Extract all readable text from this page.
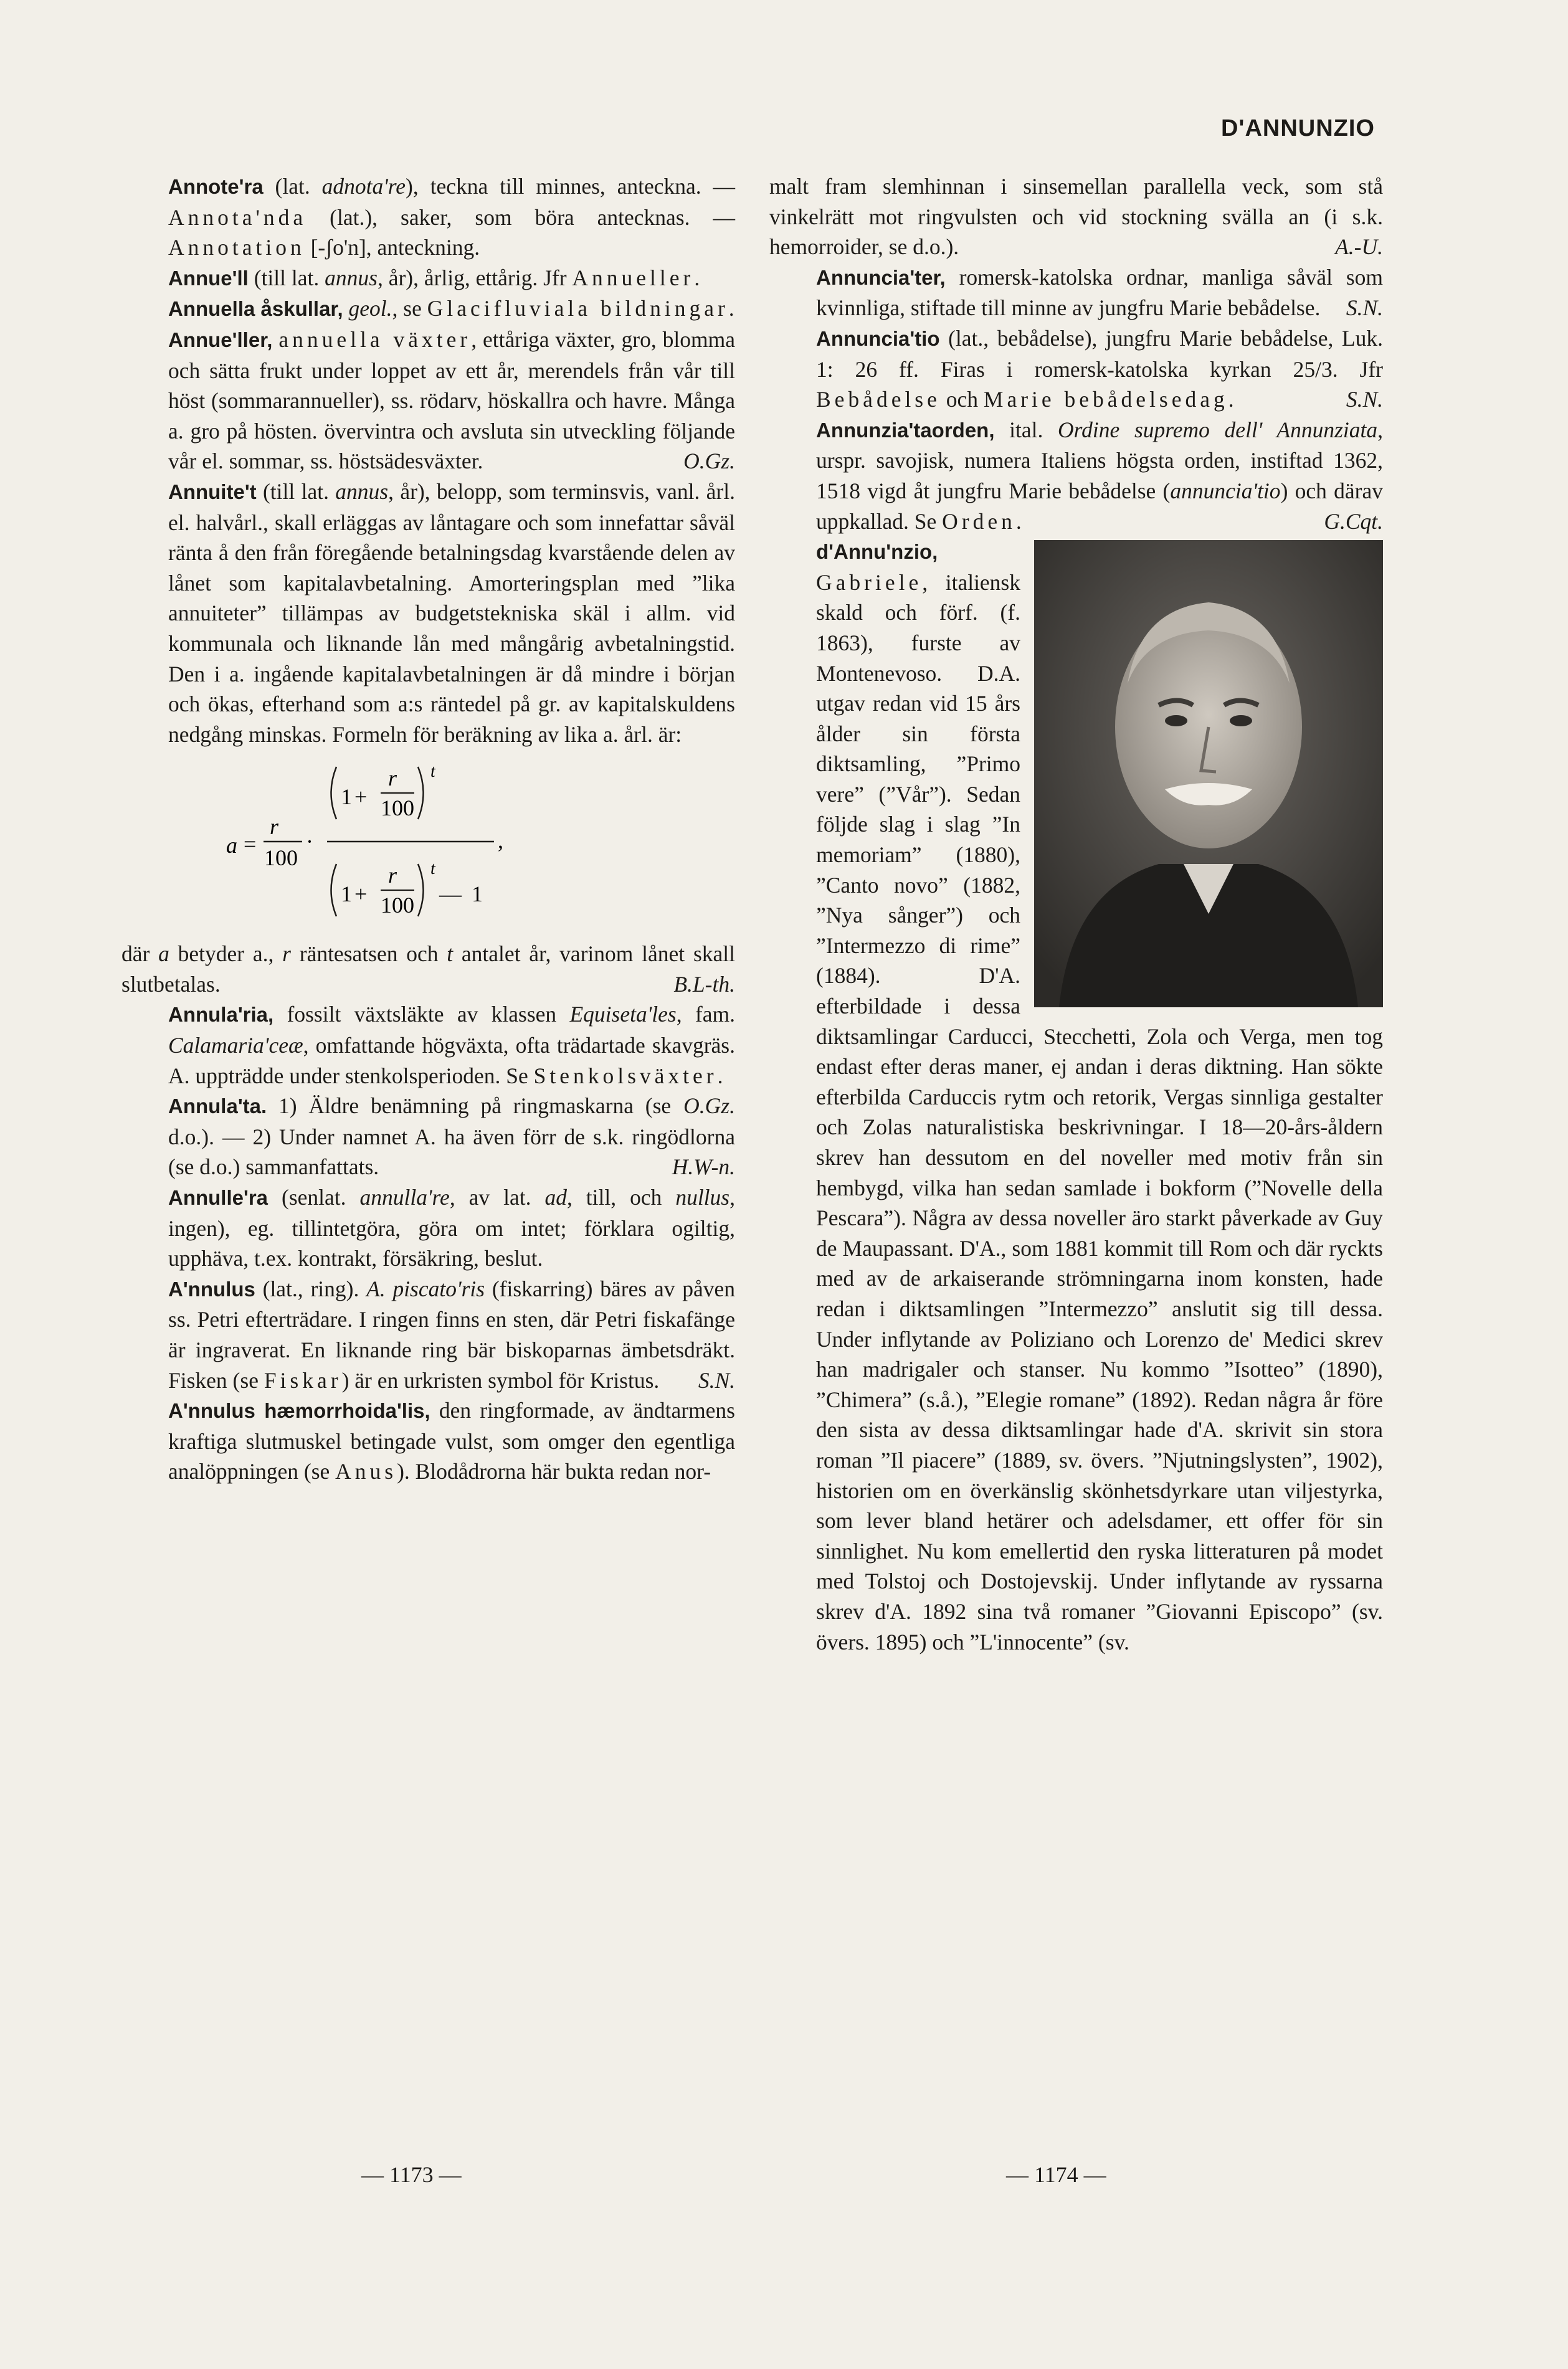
D'ANNUNZIO

Annote'ra (lat. adnota're), teckna till minnes, anteckna. — Annota'nda (lat.), saker, som böra antecknas. — Annotation [-ʃo'n], anteckning.

Annue'll (till lat. annus, år), årlig, ettårig. Jfr Annueller.

Annuella åskullar, geol., se Glacifluviala bildningar.

Annue'ller, annuella växter, ettåriga växter, gro, blomma och sätta frukt under loppet av ett år, merendels från vår till höst (sommarannueller), ss. rödarv, höskallra och havre. Många a. gro på hösten. övervintra och avsluta sin utveckling följande vår el. sommar, ss. höstsädesväxter.	O.Gz.

Annuite't (till lat. annus, år), belopp, som terminsvis, vanl. årl. el. halvårl., skall erläggas av låntagare och som innefattar såväl ränta å den från föregående betalningsdag kvarstående delen av lånet som kapitalavbetalning. Amorteringsplan med ”lika annuiteter” tillämpas av budgetstekniska skäl i allm. vid kommunala och liknande lån med mångårig avbetalningstid. Den i a. ingående kapitalavbetalningen är då mindre i början och ökas, efterhand som a:s räntedel på gr. av kapitalskuldens nedgång minskas. Formeln för beräkning av lika a. årl. är:

a =
r
100
·
1 +
r
100
t
,
1 +
r
100
t
— 1

där a betyder a., r räntesatsen och t antalet år, varinom lånet skall slutbetalas.	B.L-th.

Annula'ria, fossilt växtsläkte av klassen Equiseta'les, fam. Calamaria'ceæ, omfattande högväxta, ofta trädartade skavgräs. A. uppträdde under stenkolsperioden. Se Stenkolsväxter.
O.Gz.

Annula'ta. 1) Äldre benämning på ringmaskarna (se d.o.). — 2) Under namnet A. ha även förr de s.k. ringödlorna (se d.o.) sammanfattats.	H.W-n.

Annulle'ra (senlat. annulla're, av lat. ad, till, och nullus, ingen), eg. tillintetgöra, göra om intet; förklara ogiltig, upphäva, t.ex. kontrakt, försäkring, beslut.

A'nnulus (lat., ring). A. piscato'ris (fiskarring) bäres av påven ss. Petri efterträdare. I ringen finns en sten, där Petri fiskafänge är ingraverat. En liknande ring bär biskoparnas ämbetsdräkt. Fisken (se Fiskar) är en urkristen symbol för Kristus.	S.N.

A'nnulus hæmorrhoida'lis, den ringformade, av ändtarmens kraftiga slutmuskel betingade vulst, som omger den egentliga analöppningen (se Anus). Blodådrorna här bukta redan nor-

malt fram slemhinnan i sinsemellan parallella veck, som stå vinkelrätt mot ringvulsten och vid stockning svälla an (i s.k. hemorroider, se d.o.).	A.-U.

Annuncia'ter, romersk-katolska ordnar, manliga såväl som kvinnliga, stiftade till minne av jungfru Marie bebådelse.	S.N.

Annuncia'tio (lat., bebådelse), jungfru Marie bebådelse, Luk. 1: 26 ff. Firas i romersk-katolska kyrkan 25/3. Jfr Bebådelse och Marie bebådelsedag.	S.N.

Annunzia'taorden, ital. Ordine supremo dell' Annunziata, urspr. savojisk, numera Italiens högsta orden, instiftad 1362, 1518 vigd åt jungfru Marie bebådelse (annuncia'tio) och därav uppkallad. Se Orden.	G.Cqt.

d'Annu'nzio, Gabriele, italiensk skald och förf. (f. 1863), furste av Montenevoso. D.A. utgav redan vid 15 års ålder sin första diktsamling, ”Primo vere” (”Vår”). Sedan följde slag i slag ”In memoriam” (1880), ”Canto novo” (1882, ”Nya sånger”) och ”Intermezzo di rime” (1884). D'A. efterbildade i dessa diktsamlingar Carducci, Stecchetti, Zola och Verga, men tog endast efter deras maner, ej andan i deras diktning. Han sökte efterbilda Carduccis rytm och retorik, Vergas sinnliga gestalter och Zolas naturalistiska beskrivningar. I 18—20-års-åldern skrev han dessutom en del noveller med motiv från sin hembygd, vilka han sedan samlade i bokform (”Novelle della Pescara”). Några av dessa noveller äro starkt påverkade av Guy de Maupassant. D'A., som 1881 kommit till Rom och där ryckts med av de arkaiserande strömningarna inom konsten, hade redan i diktsamlingen ”Intermezzo” anslutit sig till dessa. Under inflytande av Poliziano och Lorenzo de' Medici skrev han madrigaler och stanser. Nu kommo ”Isotteo” (1890), ”Chimera” (s.å.), ”Elegie romane” (1892). Redan några år före den sista av dessa diktsamlingar hade d'A. skrivit sin stora roman ”Il piacere” (1889, sv. övers. ”Njutningslysten”, 1902), historien om en överkänslig skönhetsdyrkare utan viljestyrka, som lever bland hetärer och adelsdamer, ett offer för sin sinnlighet. Nu kom emellertid den ryska litteraturen på modet med Tolstoj och Dostojevskij. Under inflytande av ryssarna skrev d'A. 1892 sina två romaner ”Giovanni Episcopo” (sv. övers. 1895) och ”L'innocente” (sv.

— 1173 —	— 1174 —
